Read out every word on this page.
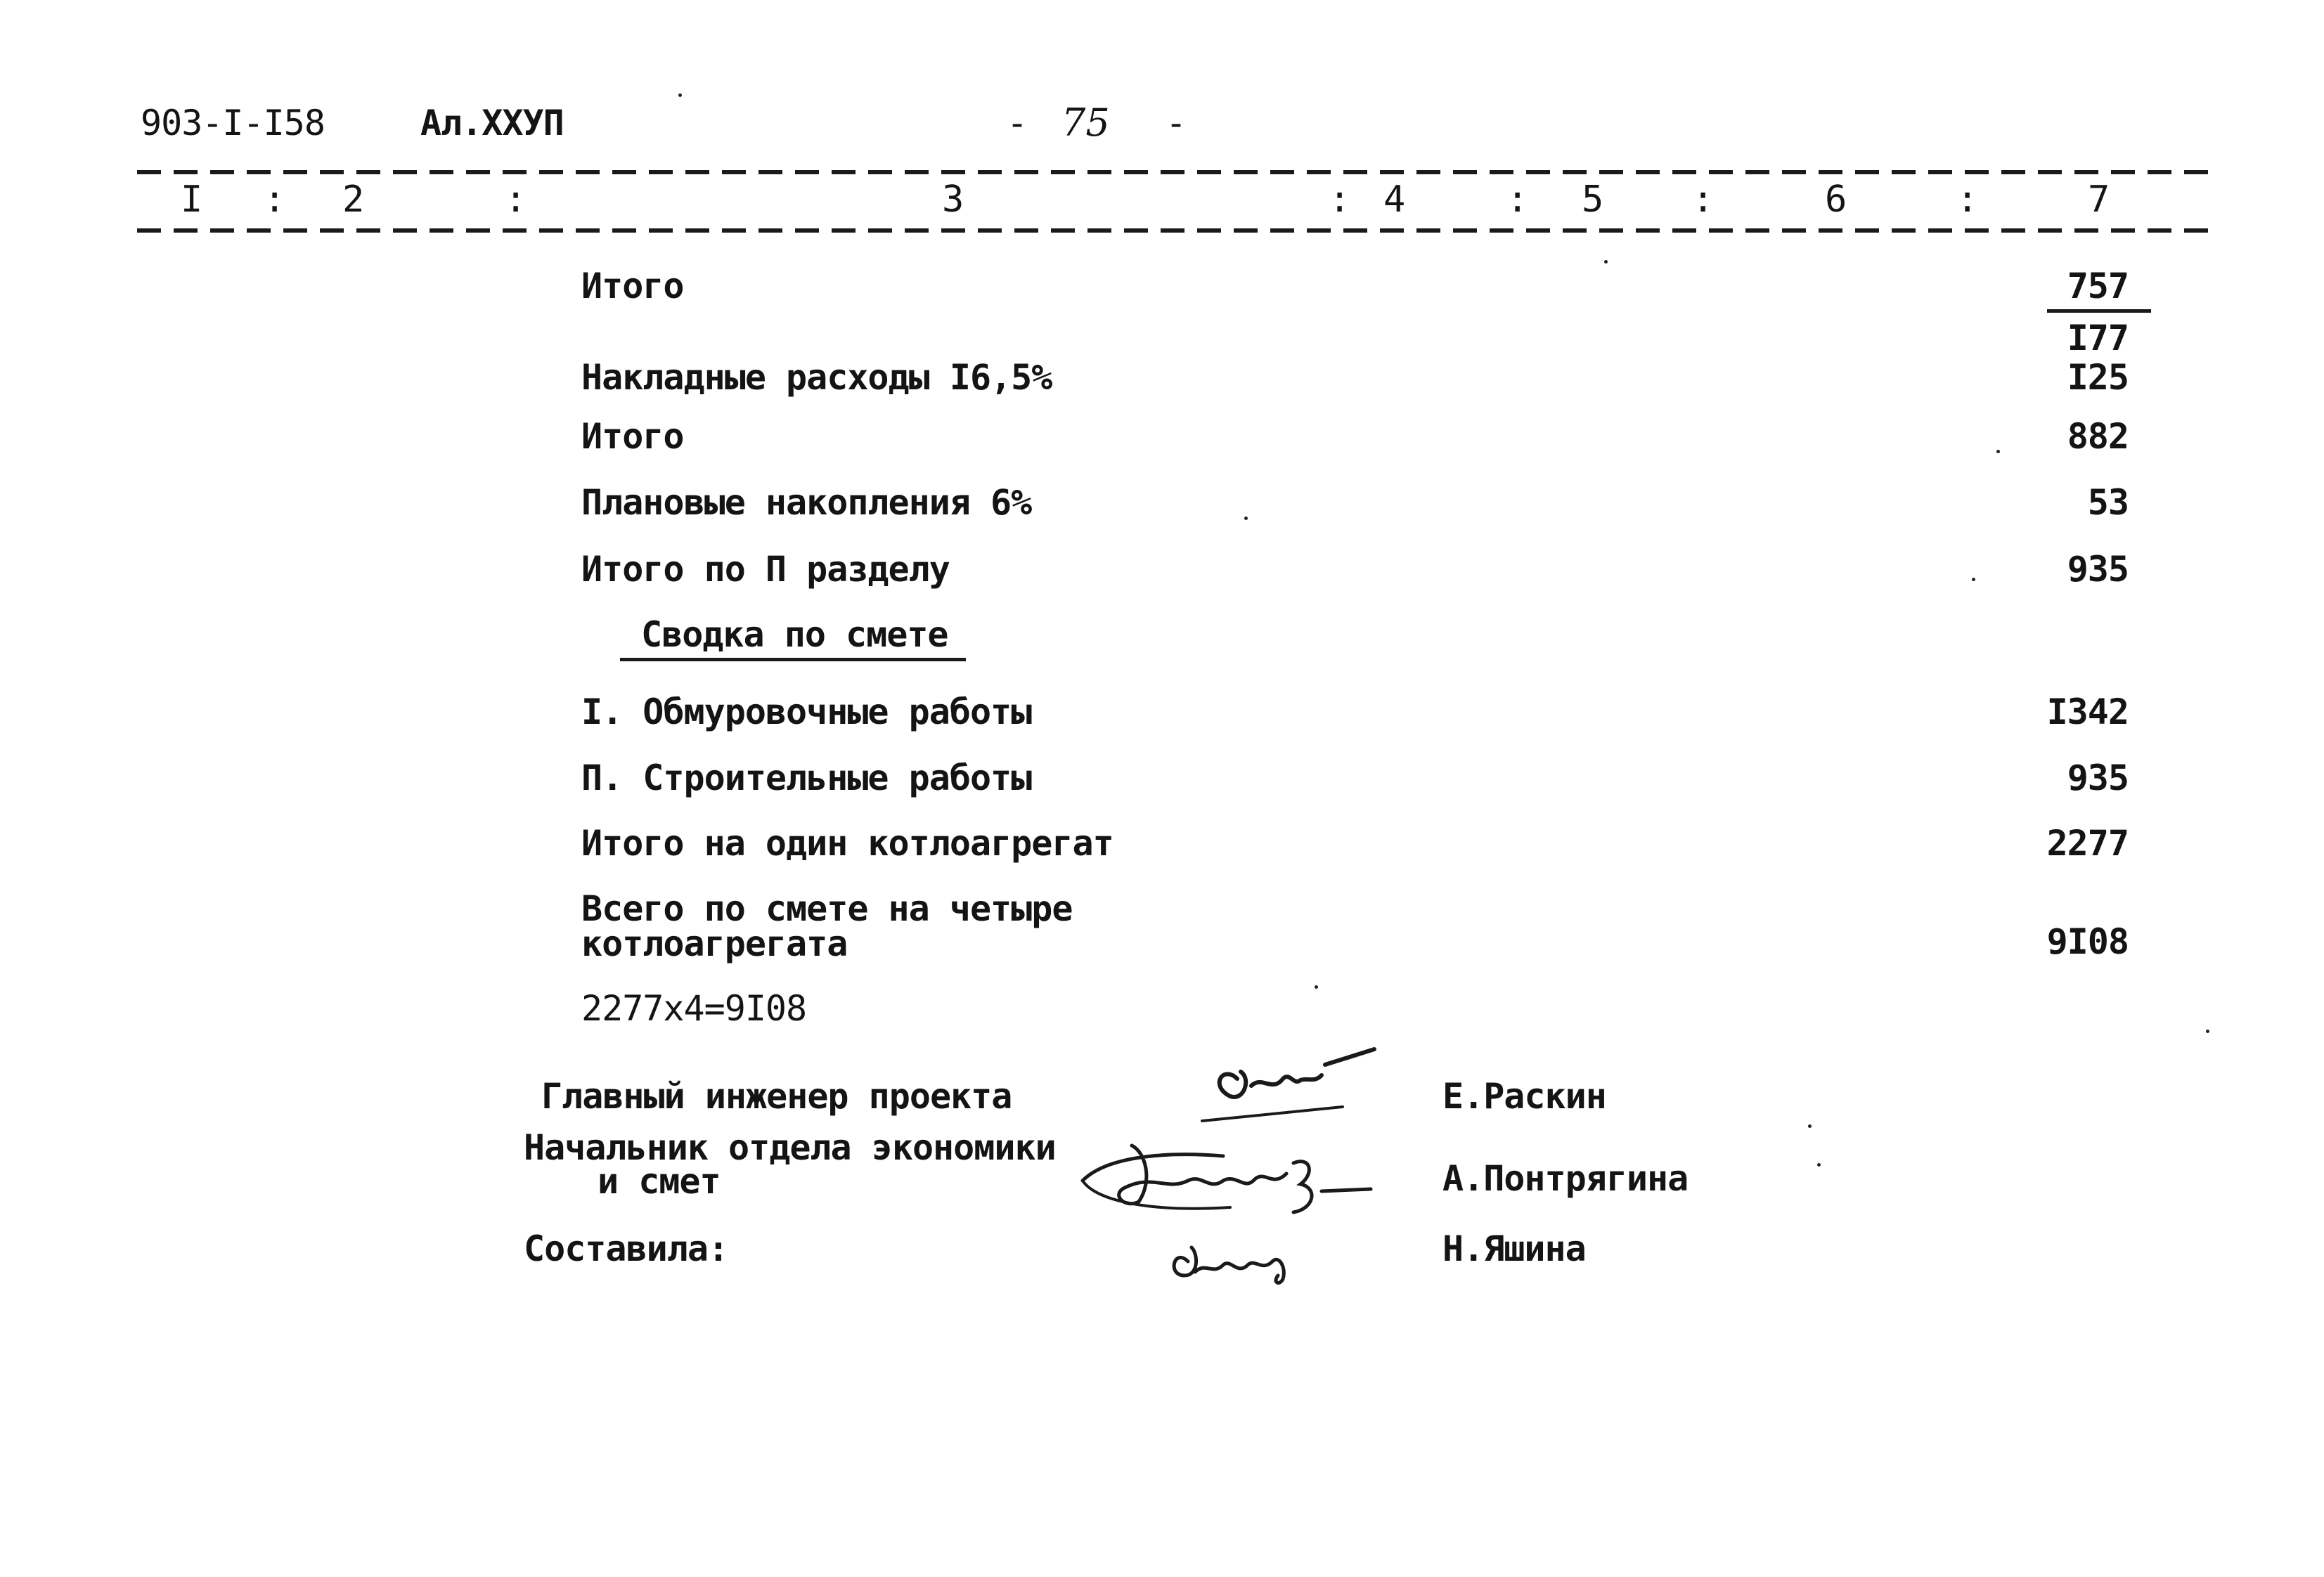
903-I-I58	Ал.XXУП	- 75 -
I : 2	:	3	: 4	: 5 :	6	:	7
Итого	757
I77
Накладные расходы I6,5%	I25
Итого	882
Плановые накопления 6%	53
Итого по П разделу	935
Сводка по смете
I. Обмуровочные работы	I342
П. Строительные работы	935
Итого на один котлоагрегат	2277
Всего по смете на четыре
котлоагрегата	9I08
2277x4=9I08
Главный инженер проекта	Е.Раскин
Начальник отдела экономики
и смет	А.Понтрягина
Составила:	Н.Яшина
